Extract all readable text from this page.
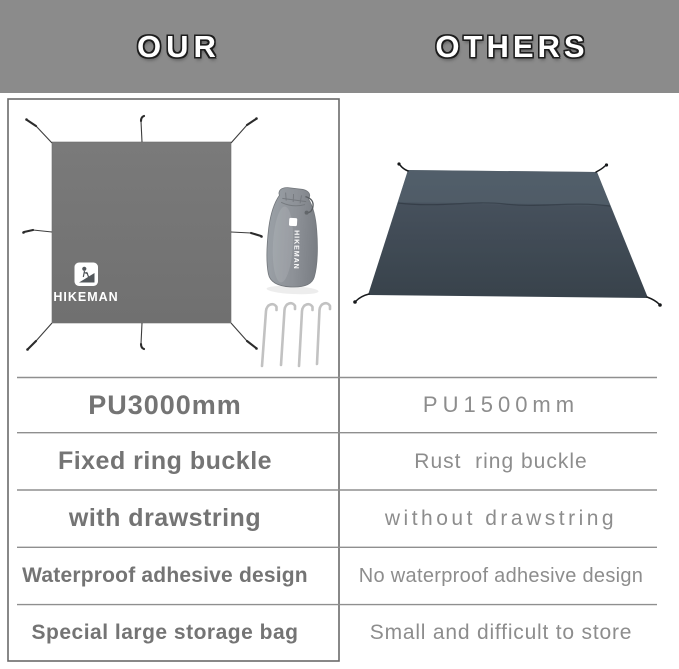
OUR	OTHERS
HIKEMAN
HIKEMAN
PU3000mm	PU1500mm
Fixed ring buckle	Rust  ring buckle
with drawstring	without drawstring
Waterproof adhesive design	No waterproof adhesive design
Special large storage bag	Small and difficult to store
